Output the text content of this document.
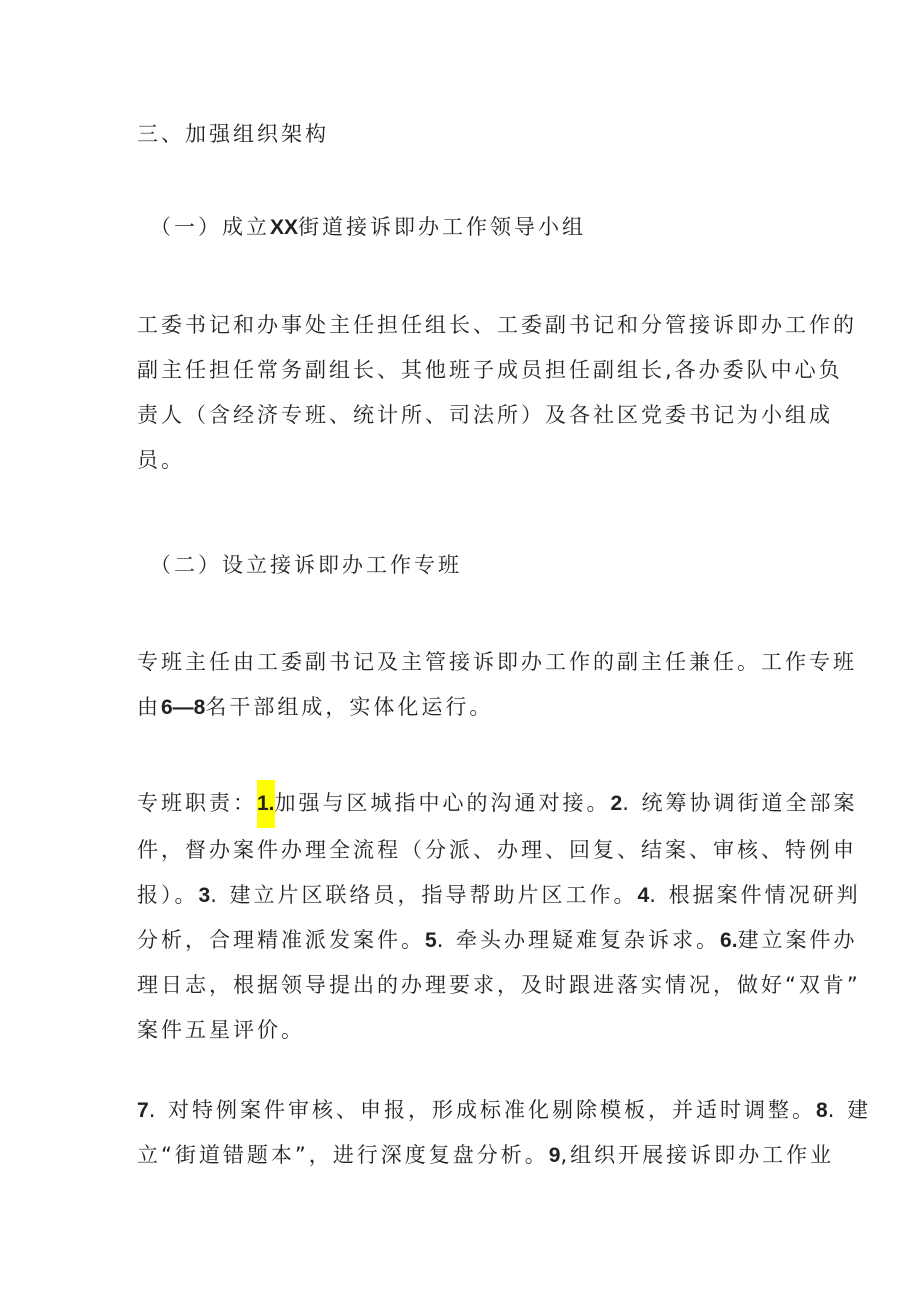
三、加强组织架构

（一）成立XX街道接诉即办工作领导小组

工委书记和办事处主任担任组长、工委副书记和分管接诉即办工作的
副主任担任常务副组长、其他班子成员担任副组长,各办委队中心负
责人（含经济专班、统计所、司法所）及各社区党委书记为小组成
员。

（二）设立接诉即办工作专班

专班主任由工委副书记及主管接诉即办工作的副主任兼任。工作专班
由6—8名干部组成，实体化运行。

专班职责：1.加强与区城指中心的沟通对接。2. 统筹协调街道全部案
件，督办案件办理全流程（分派、办理、回复、结案、审核、特例申
报）。3. 建立片区联络员，指导帮助片区工作。4. 根据案件情况研判
分析，合理精准派发案件。5. 牵头办理疑难复杂诉求。6.建立案件办
理日志，根据领导提出的办理要求，及时跟进落实情况，做好“双肯”
案件五星评价。

7. 对特例案件审核、申报，形成标准化剔除模板，并适时调整。8. 建
立“街道错题本”，进行深度复盘分析。9,组织开展接诉即办工作业
